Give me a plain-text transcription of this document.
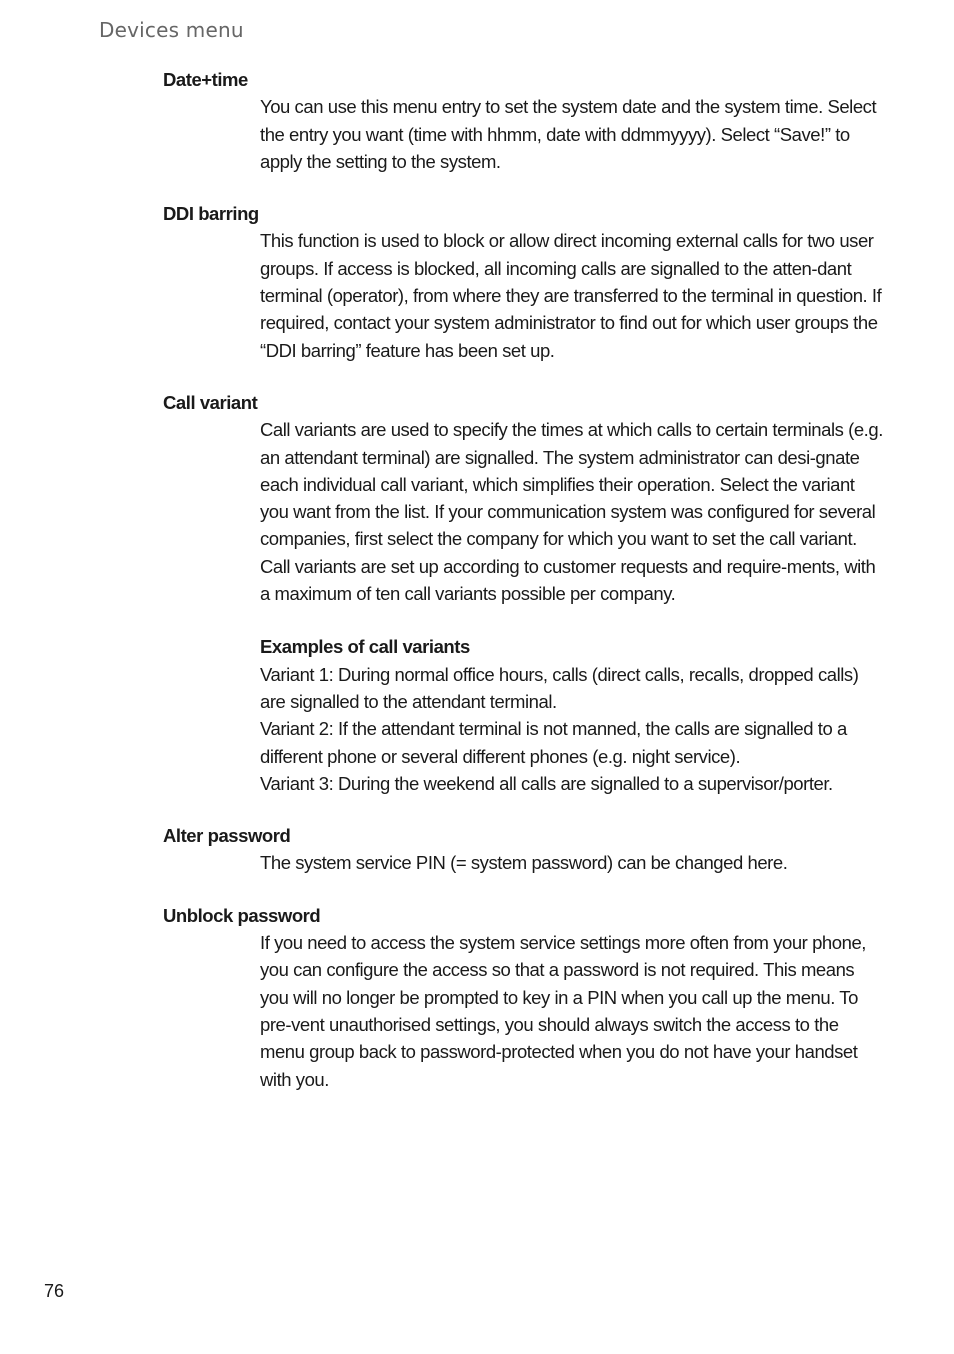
Devices menu
Date+time

You can use this menu entry to set the system date and the system time. Select the entry you want (time with hhmm, date with ddmmyyyy). Select “Save!” to apply the setting to the system.

DDI barring

This function is used to block or allow direct incoming external calls for two user groups. If access is blocked, all incoming calls are signalled to the atten-dant terminal (operator), from where they are transferred to the terminal in question. If required, contact your system administrator to find out for which user groups the “DDI barring” feature has been set up.

Call variant

Call variants are used to specify the times at which calls to certain terminals (e.g. an attendant terminal) are signalled. The system administrator can desi-gnate each individual call variant, which simplifies their operation. Select the variant you want from the list. If your communication system was configured for several companies, first select the company for which you want to set the call variant. Call variants are set up according to customer requests and require-ments, with a maximum of ten call variants possible per company.

Examples of call variants

Variant 1: During normal office hours, calls (direct calls, recalls, dropped calls) are signalled to the attendant terminal.

Variant 2: If the attendant terminal is not manned, the calls are signalled to a different phone or several different phones (e.g. night service).

Variant 3: During the weekend all calls are signalled to a supervisor/porter.

Alter password

The system service PIN (= system password) can be changed here.

Unblock password

If you need to access the system service settings more often from your phone, you can configure the access so that a password is not required. This means you will no longer be prompted to key in a PIN when you call up the menu. To pre-vent unauthorised settings, you should always switch the access to the menu group back to password-protected when you do not have your handset with you.

76
